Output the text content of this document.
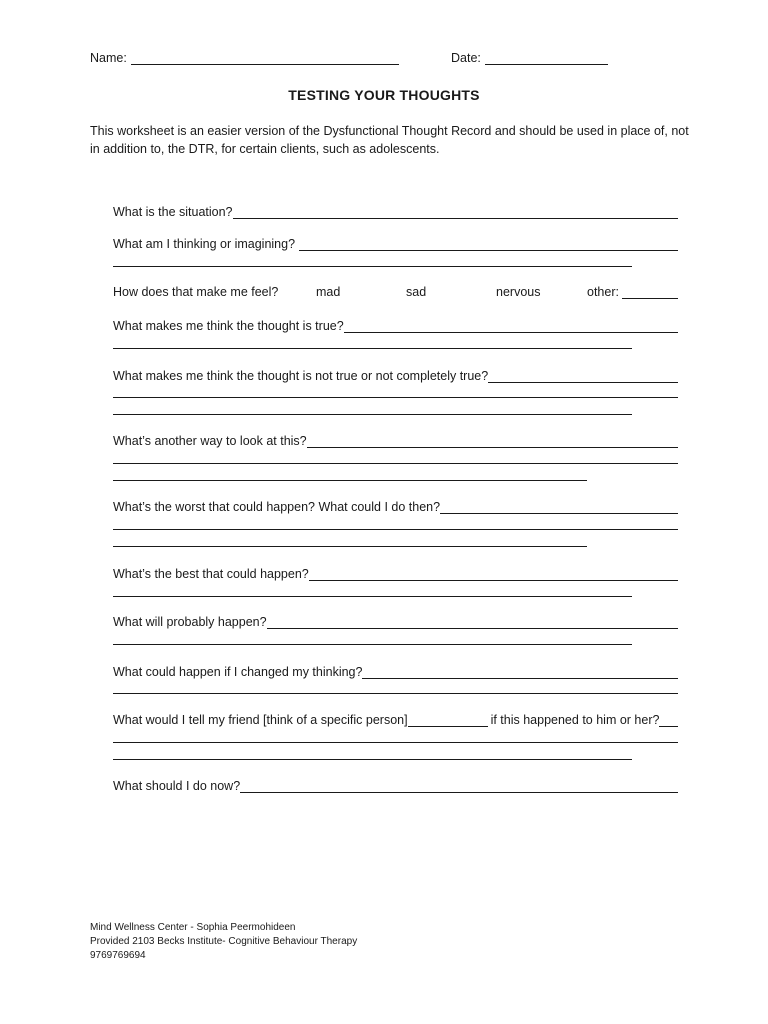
Name:	Date:
TESTING YOUR THOUGHTS
This worksheet is an easier version of the Dysfunctional Thought Record and should be used in place of, not in addition to, the DTR, for certain clients, such as adolescents.
What is the situation?
What am I thinking or imagining?
How does that make me feel?	mad	sad	nervous	other:
What makes me think the thought is true?
What makes me think the thought is not true or not completely true?
What’s another way to look at this?
What’s the worst that could happen? What could I do then?
What’s the best that could happen?
What will probably happen?
What could happen if I changed my thinking?
What would I tell my friend [think of a specific person]	if this happened to him or her?
What should I do now?
Mind Wellness Center - Sophia Peermohideen
Provided 2103 Becks Institute- Cognitive Behaviour Therapy
9769769694
